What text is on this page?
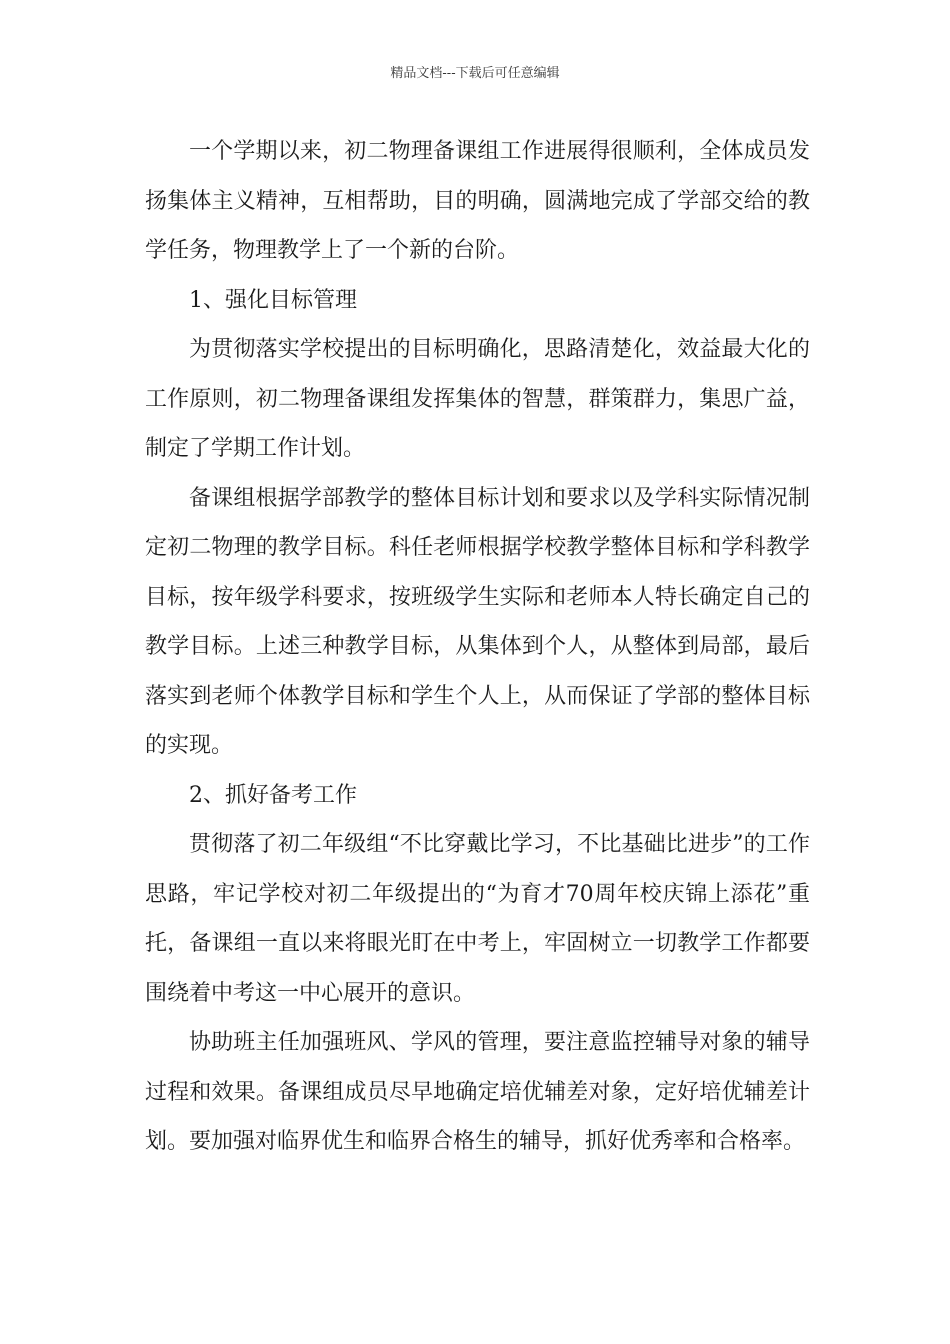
精品文档---下载后可任意编辑

一个学期以来，初二物理备课组工作进展得很顺利，全体成员发扬集体主义精神，互相帮助，目的明确，圆满地完成了学部交给的教学任务，物理教学上了一个新的台阶。

1、强化目标管理

为贯彻落实学校提出的目标明确化，思路清楚化，效益最大化的工作原则，初二物理备课组发挥集体的智慧，群策群力，集思广益，制定了学期工作计划。

备课组根据学部教学的整体目标计划和要求以及学科实际情况制定初二物理的教学目标。科任老师根据学校教学整体目标和学科教学目标，按年级学科要求，按班级学生实际和老师本人特长确定自己的教学目标。上述三种教学目标，从集体到个人，从整体到局部，最后落实到老师个体教学目标和学生个人上，从而保证了学部的整体目标的实现。

2、抓好备考工作

贯彻落了初二年级组“不比穿戴比学习，不比基础比进步”的工作思路，牢记学校对初二年级提出的“为育才70周年校庆锦上添花”重托，备课组一直以来将眼光盯在中考上，牢固树立一切教学工作都要围绕着中考这一中心展开的意识。

协助班主任加强班风、学风的管理，要注意监控辅导对象的辅导过程和效果。备课组成员尽早地确定培优辅差对象，定好培优辅差计划。要加强对临界优生和临界合格生的辅导，抓好优秀率和合格率。
